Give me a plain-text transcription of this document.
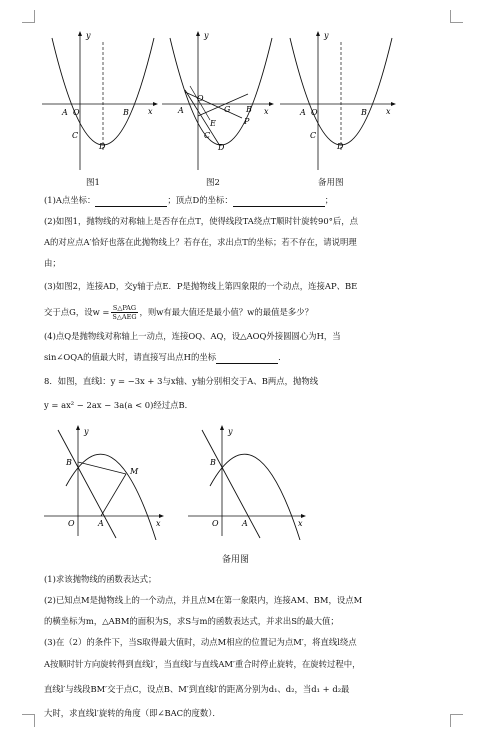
y
x
A O	B
C
D
图1
y
x
A
O
G B
E	P
C
D
图2
y
x
A O	B
C
D
备用图
(1)A点坐标：	；顶点D的坐标：	；
(2)如图1，抛物线的对称轴上是否存在点T，使得线段TA绕点T顺时针旋转90°后，点
A的对应点A′恰好也落在此抛物线上？若存在，求出点T的坐标；若不存在，请说明理
由；
(3)如图2，连接AD，交y轴于点E．P是抛物线上第四象限的一个动点，连接AP、BE
交于点G，设w = S△PAG
S△AEG ，则w有最大值还是最小值？w的最值是多少？
(4)点Q是抛物线对称轴上一动点，连接OQ、AQ，设△AOQ外接圆圆心为H，当
sin∠OQA的值最大时，请直接写出点H的坐标	．
8．如图，直线l：y = −3x + 3与x轴、y轴分别相交于A、B两点，抛物线
y = ax² − 2ax − 3a(a < 0)经过点B．
y
x
B
M
O	A
y
x
B
O	A
备用图
(1)求该抛物线的函数表达式；
(2)已知点M是抛物线上的一个动点，并且点M在第一象限内，连接AM、BM，设点M
的横坐标为m，△ABM的面积为S，求S与m的函数表达式，并求出S的最大值；
(3)在（2）的条件下，当S取得最大值时，动点M相应的位置记为点M′，将直线l绕点
A按顺时针方向旋转得到直线l′，当直线l′与直线AM′重合时停止旋转，在旋转过程中，
直线l′与线段BM′交于点C，设点B、M′到直线l′的距离分别为d₁、d₂，当d₁ + d₂最
大时，求直线l′旋转的角度（即∠BAC的度数）．
